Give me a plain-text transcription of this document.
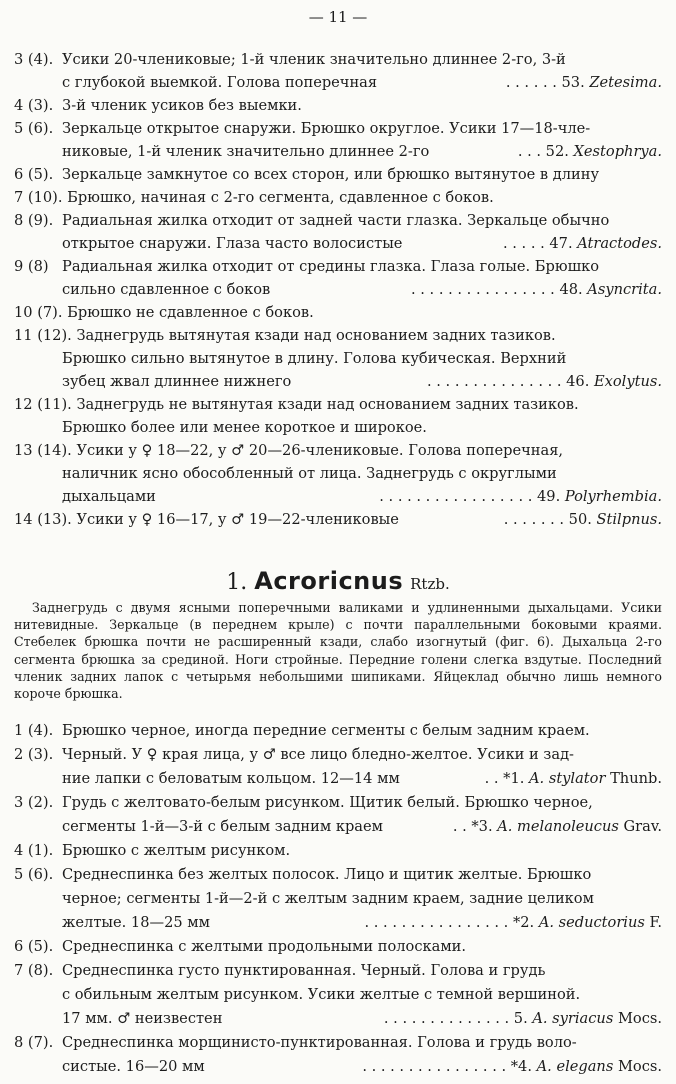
— 11 —
3 (4). Усики 20-члениковые; 1-й членик значительно длиннее 2-го, 3-й
с глубокой выемкой. Голова поперечная	. . . . . . 53. Zetesima.
4 (3). 3-й членик усиков без выемки.
5 (6). Зеркальце открытое снаружи. Брюшко округлое. Усики 17—18-чле-
никовые, 1-й членик значительно длиннее 2-го	. . . 52. Xestophrya.
6 (5). Зеркальце замкнутое со всех сторон, или брюшко вытянутое в длину
7 (10). Брюшко, начиная с 2-го сегмента, сдавленное с боков.
8 (9). Радиальная жилка отходит от задней части глазка. Зеркальце обычно
открытое снаружи. Глаза часто волосистые	. . . . . 47. Atractodes.
9 (8) Радиальная жилка отходит от средины глазка. Глаза голые. Брюшко
сильно сдавленное с боков	. . . . . . . . . . . . . . . . 48. Asyncrita.
10 (7). Брюшко не сдавленное с боков.
11 (12). Заднегрудь вытянутая кзади над основанием задних тазиков.
Брюшко сильно вытянутое в длину. Голова кубическая. Верхний
зубец жвал длиннее нижнего	. . . . . . . . . . . . . . . 46. Exolytus.
12 (11). Заднегрудь не вытянутая кзади над основанием задних тазиков.
Брюшко более или менее короткое и широкое.
13 (14). Усики у ♀ 18—22, у ♂ 20—26-члениковые. Голова поперечная,
наличник ясно обособленный от лица. Заднегрудь с округлыми
дыхальцами	. . . . . . . . . . . . . . . . . 49. Polyrhembia.
14 (13). Усики у ♀ 16—17, у ♂ 19—22-члениковые	. . . . . . . 50. Stilpnus.
1. Acroricnus Rtzb.
Заднегрудь с двумя ясными поперечными валиками и удлиненными дыхальцами. Усики нитевидные. Зеркальце (в переднем крыле) с почти параллельными боковыми краями. Стебелек брюшка почти не расширенный кзади, слабо изогнутый (фиг. 6). Дыхальца 2-го сегмента брюшка за срединой. Ноги стройные. Передние голени слегка вздутые. Последний членик задних лапок с четырьмя небольшими шипиками. Яйцеклад обычно лишь немного короче брюшка.
1 (4). Брюшко черное, иногда передние сегменты с белым задним краем.
2 (3). Черный. У ♀ края лица, у ♂ все лицо бледно-желтое. Усики и зад-
ние лапки с беловатым кольцом. 12—14 мм	. . *1. A. stylator Thunb.
3 (2). Грудь с желтовато-белым рисунком. Щитик белый. Брюшко черное,
сегменты 1-й—3-й с белым задним краем	. . *3. A. melanoleucus Grav.
4 (1). Брюшко с желтым рисунком.
5 (6). Среднеспинка без желтых полосок. Лицо и щитик желтые. Брюшко
черное; сегменты 1-й—2-й с желтым задним краем, задние целиком
желтые. 18—25 мм	. . . . . . . . . . . . . . . . *2. A. seductorius F.
6 (5). Среднеспинка с желтыми продольными полосками.
7 (8). Среднеспинка густо пунктированная. Черный. Голова и грудь
с обильным желтым рисунком. Усики желтые с темной вершиной.
17 мм. ♂ неизвестен	. . . . . . . . . . . . . . 5. A. syriacus Mocs.
8 (7). Среднеспинка морщинисто-пунктированная. Голова и грудь воло-
систые. 16—20 мм	. . . . . . . . . . . . . . . . *4. A. elegans Mocs.
